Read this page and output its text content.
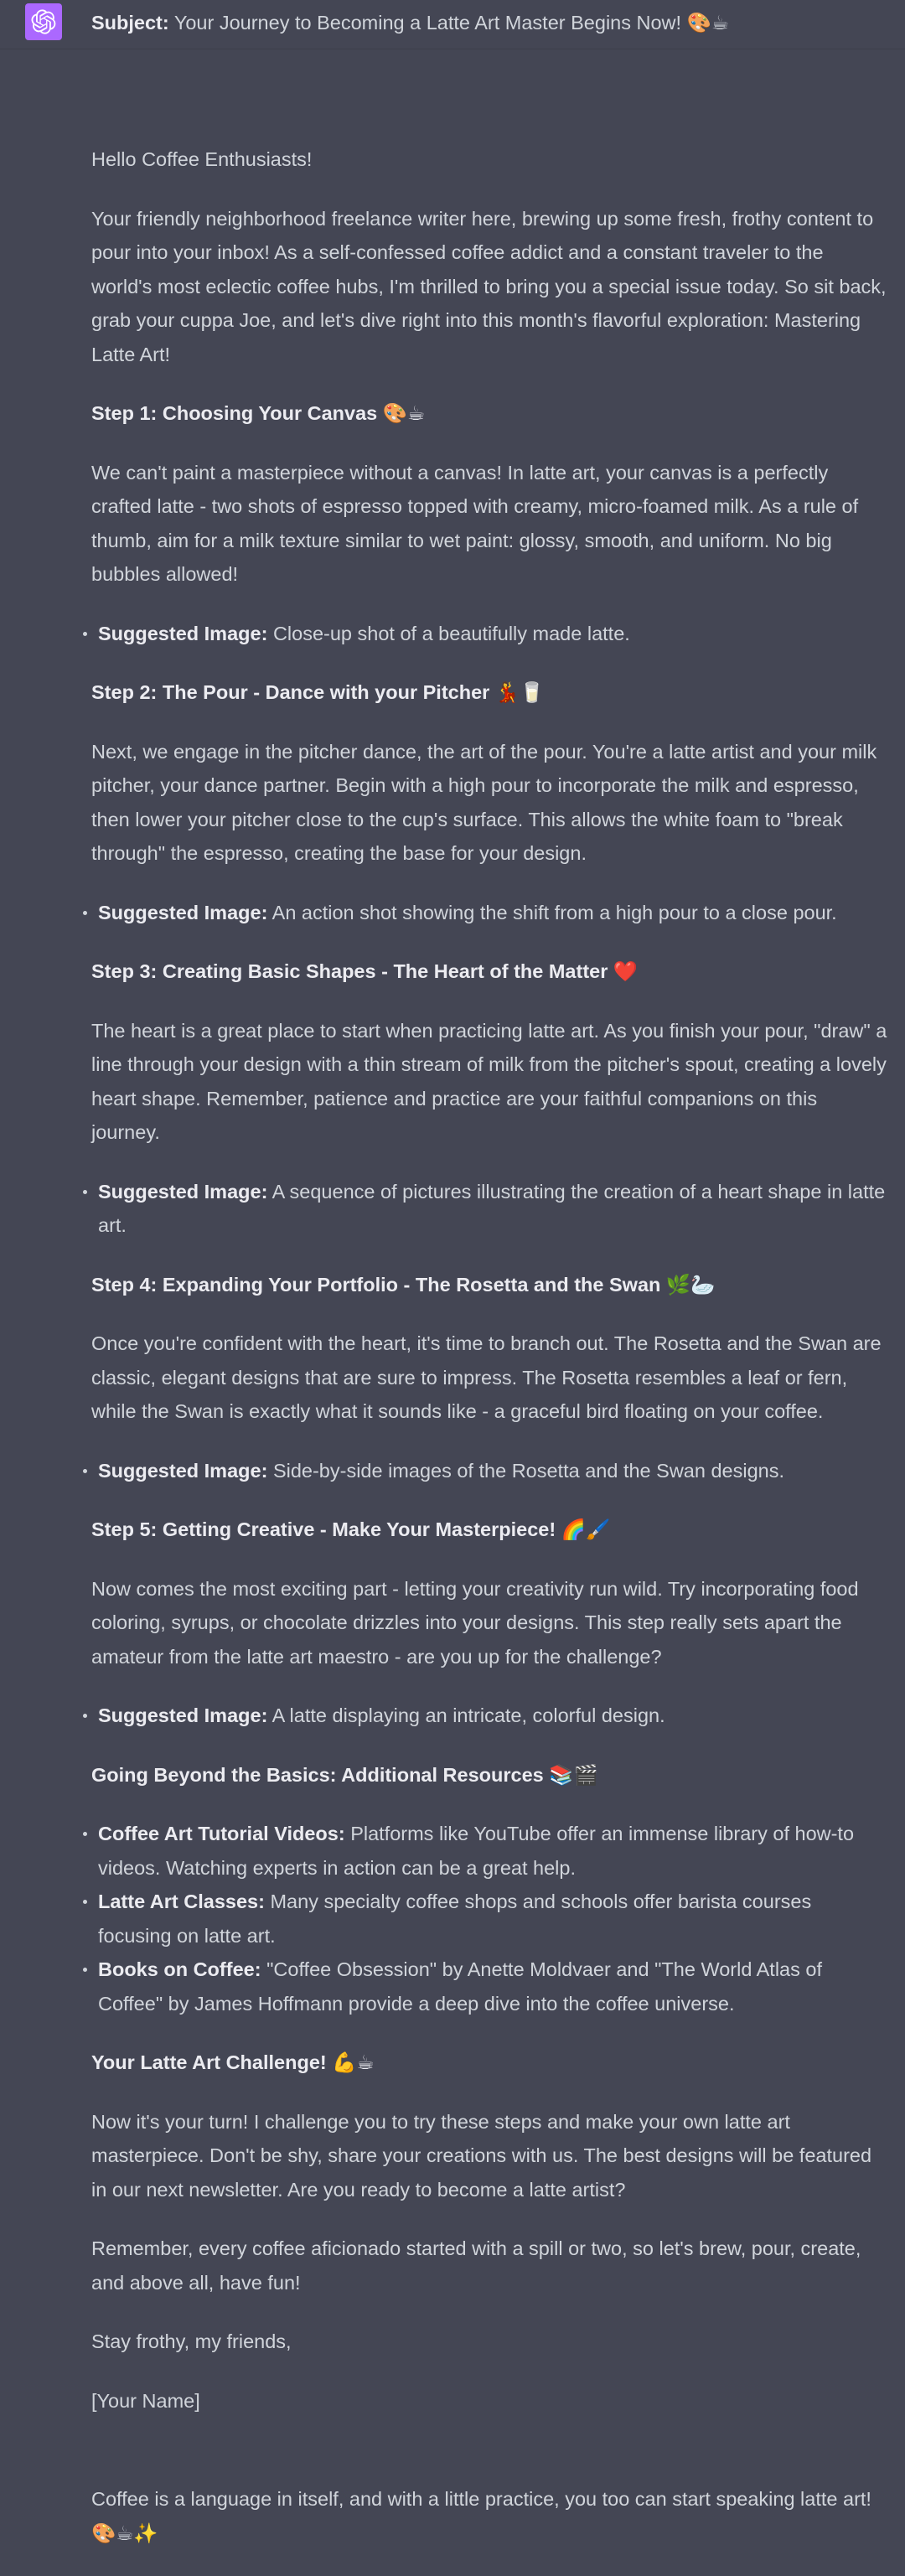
Subject: Your Journey to Becoming a Latte Art Master Begins Now! 🎨☕

Hello Coffee Enthusiasts!

Your friendly neighborhood freelance writer here, brewing up some fresh, frothy content to pour into your inbox! As a self-confessed coffee addict and a constant traveler to the world's most eclectic coffee hubs, I'm thrilled to bring you a special issue today. So sit back, grab your cuppa Joe, and let's dive right into this month's flavorful exploration: Mastering Latte Art!

Step 1: Choosing Your Canvas 🎨☕

We can't paint a masterpiece without a canvas! In latte art, your canvas is a perfectly crafted latte - two shots of espresso topped with creamy, micro-foamed milk. As a rule of thumb, aim for a milk texture similar to wet paint: glossy, smooth, and uniform. No big bubbles allowed!

Suggested Image: Close-up shot of a beautifully made latte.

Step 2: The Pour - Dance with your Pitcher 💃🥛

Next, we engage in the pitcher dance, the art of the pour. You're a latte artist and your milk pitcher, your dance partner. Begin with a high pour to incorporate the milk and espresso, then lower your pitcher close to the cup's surface. This allows the white foam to "break through" the espresso, creating the base for your design.

Suggested Image: An action shot showing the shift from a high pour to a close pour.

Step 3: Creating Basic Shapes - The Heart of the Matter ❤️

The heart is a great place to start when practicing latte art. As you finish your pour, "draw" a line through your design with a thin stream of milk from the pitcher's spout, creating a lovely heart shape. Remember, patience and practice are your faithful companions on this journey.

Suggested Image: A sequence of pictures illustrating the creation of a heart shape in latte art.

Step 4: Expanding Your Portfolio - The Rosetta and the Swan 🌿🦢

Once you're confident with the heart, it's time to branch out. The Rosetta and the Swan are classic, elegant designs that are sure to impress. The Rosetta resembles a leaf or fern, while the Swan is exactly what it sounds like - a graceful bird floating on your coffee.

Suggested Image: Side-by-side images of the Rosetta and the Swan designs.

Step 5: Getting Creative - Make Your Masterpiece! 🌈🖌️

Now comes the most exciting part - letting your creativity run wild. Try incorporating food coloring, syrups, or chocolate drizzles into your designs. This step really sets apart the amateur from the latte art maestro - are you up for the challenge?

Suggested Image: A latte displaying an intricate, colorful design.

Going Beyond the Basics: Additional Resources 📚🎬

Coffee Art Tutorial Videos: Platforms like YouTube offer an immense library of how-to videos. Watching experts in action can be a great help.
Latte Art Classes: Many specialty coffee shops and schools offer barista courses focusing on latte art.
Books on Coffee: "Coffee Obsession" by Anette Moldvaer and "The World Atlas of Coffee" by James Hoffmann provide a deep dive into the coffee universe.

Your Latte Art Challenge! 💪☕

Now it's your turn! I challenge you to try these steps and make your own latte art masterpiece. Don't be shy, share your creations with us. The best designs will be featured in our next newsletter. Are you ready to become a latte artist?

Remember, every coffee aficionado started with a spill or two, so let's brew, pour, create, and above all, have fun!

Stay frothy, my friends,

[Your Name]

Coffee is a language in itself, and with a little practice, you too can start speaking latte art! 🎨☕✨
